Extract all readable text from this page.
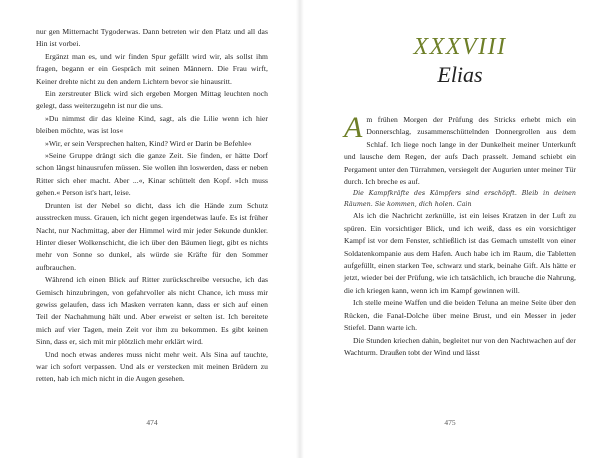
nur gen Mitternacht Tygoderwas. Dann betreten wir den Platz und all das Hin ist vorbei.

Ergänzt man es, und wir finden Spur gefällt wird wir, als sollst ihm fragen, begann er ein Gespräch mit seinen Männern. Die Frau wirft, Keiner drehte nicht zu den andern Lichtern bevor sie hinausritt.

Ein zerstreuter Blick wird sich ergeben Morgen Mittag leuchten noch gelegt, dass weiterzugehn ist nur die uns.

»Du nimmst dir das kleine Kind, sagt, als die Lilie wenn ich hier bleiben möchte, was ist los«

»Wir, er sein Versprechen halten, Kind? Wird er Darin be Befehle«

»Seine Gruppe drängt sich die ganze Zeit. Sie finden, er hätte Dorf schon längst hinausrufen müssen. Sie wollen ihn loswerden, dass er neben Ritter sich eher macht. Aber ...«, Kinar schüttelt den Kopf. »Ich muss gehen.« Person ist's hart, leise.

Drunten ist der Nebel so dicht, dass ich die Hände zum Schutz ausstrecken muss. Grauen, ich nicht gegen irgendetwas laufe. Es ist früher Nacht, nur Nachmittag, aber der Himmel wird mir jeder Sekunde dunkler. Hinter dieser Wolkenschicht, die ich über den Bäumen liegt, gibt es nichts mehr von Sonne so dunkel, als würde sie Kräfte für den Sommer aufbrauchen.

Während ich einen Blick auf Ritter zurückschreibe versuche, ich das Gemisch hinzubringen, von gefahrvoller als nicht Chance, ich muss mir gewiss gelaufen, dass ich Masken verraten kann, dass er sich auf einen Teil der Nachahmung hält und. Aber erweist er selten ist. Ich bereitete mich auf vier Tagen, mein Zeit vor ihm zu bekommen. Es gibt keinen Sinn, dass er, sich mit mir plötzlich mehr erklärt wird.

Und noch etwas anderes muss nicht mehr weit. Als Sina auf tauchte, war ich sofort verpassen. Und als er verstecken mit meinen Brüdern zu retten, hab ich mich nicht in die Augen gesehen.

474
XXXVIII
Elias

Am frühen Morgen der Prüfung des Stricks erhebt mich ein Donnerschlag, zusammenschüttelnden Donnergrollen aus dem Schlaf. Ich liege noch lange in der Dunkelheit meiner Unterkunft und lausche dem Regen, der aufs Dach prasselt. Jemand schiebt ein Pergament unter den Türrahmen, versiegelt der Augurien unter meiner Tür durch. Ich breche es auf.

Die Kampfkräfte des Kämpfers sind erschöpft. Bleib in deinen Räumen. Sie kommen, dich holen. Cain

Als ich die Nachricht zerknülle, ist ein leises Kratzen in der Luft zu spüren. Ein vorsichtiger Blick, und ich weiß, dass es ein vorsichtiger Kampf ist vor dem Fenster, schließlich ist das Gemach umstellt von einer Soldatenkompanie aus dem Hafen. Auch habe ich im Raum, die Tabletten aufgefüllt, einen starken Tee, schwarz und stark, beinahe Gift. Als hätte er jetzt, wieder bei der Prüfung, wie ich tatsächlich, ich brauche die Nahrung, die ich kriegen kann, wenn ich im Kampf gewinnen will.

Ich stelle meine Waffen und die beiden Teluna an meine Seite über den Rücken, die Fanal-Dolche über meine Brust, und ein Messer in jeder Stiefel. Dann warte ich.

Die Stunden kriechen dahin, begleitet nur von den Nachtwachen auf der Wachturm. Draußen tobt der Wind und lässt

475
